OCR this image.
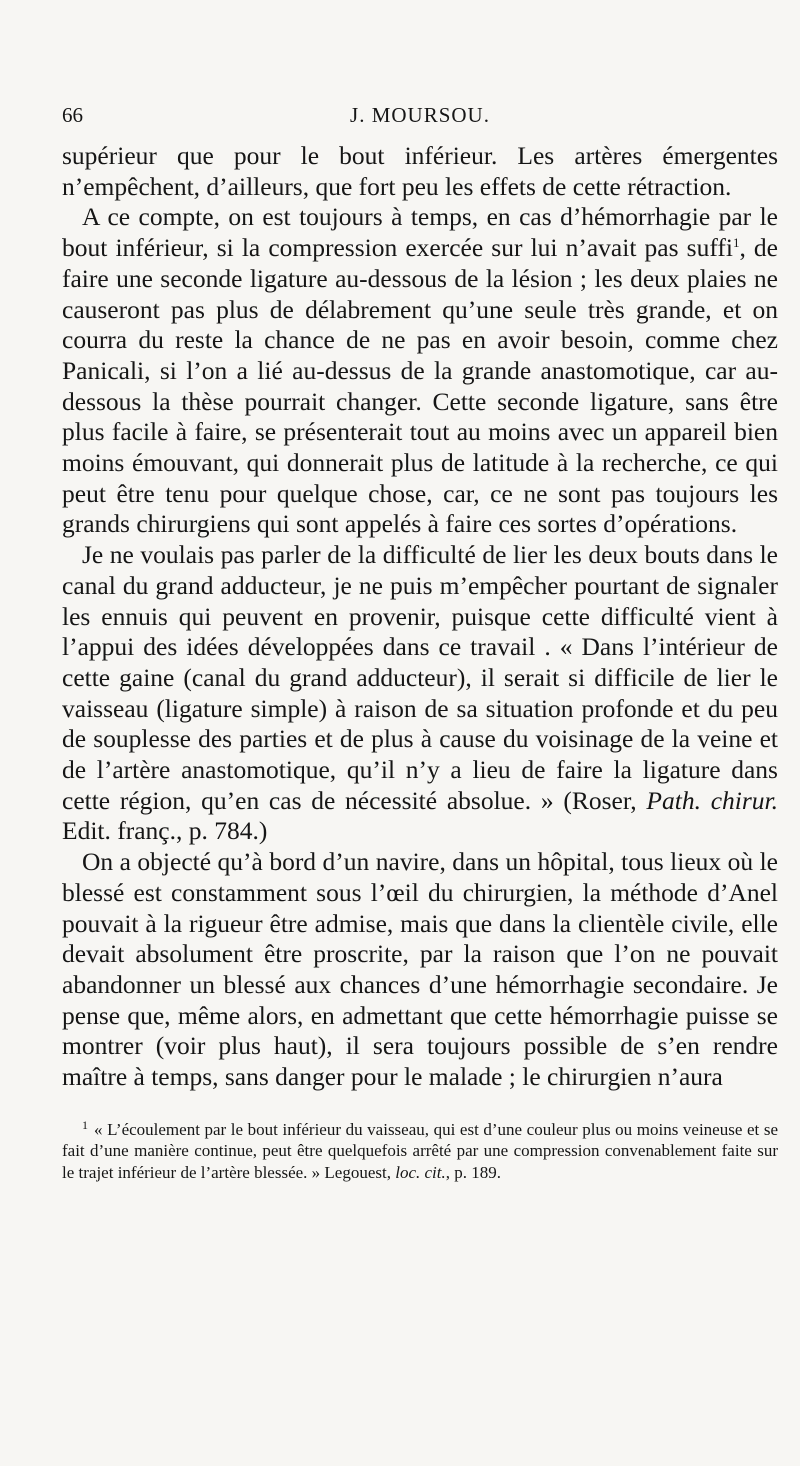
66	J. MOURSOU.

supérieur que pour le bout inférieur. Les artères émergentes n’empêchent, d’ailleurs, que fort peu les effets de cette rétraction.

A ce compte, on est toujours à temps, en cas d’hémorrhagie par le bout inférieur, si la compression exercée sur lui n’avait pas suffi$^1$, de faire une seconde ligature au-dessous de la lésion ; les deux plaies ne causeront pas plus de délabrement qu’une seule très grande, et on courra du reste la chance de ne pas en avoir besoin, comme chez Panicali, si l’on a lié au-dessus de la grande anastomotique, car au-dessous la thèse pourrait changer. Cette seconde ligature, sans être plus facile à faire, se présenterait tout au moins avec un appareil bien moins émouvant, qui donnerait plus de latitude à la recherche, ce qui peut être tenu pour quelque chose, car, ce ne sont pas toujours les grands chirurgiens qui sont appelés à faire ces sortes d’opérations.

Je ne voulais pas parler de la difficulté de lier les deux bouts dans le canal du grand adducteur, je ne puis m’empêcher pourtant de signaler les ennuis qui peuvent en provenir, puisque cette difficulté vient à l’appui des idées développées dans ce travail . « Dans l’intérieur de cette gaine (canal du grand adducteur), il serait si difficile de lier le vaisseau (ligature simple) à raison de sa situation profonde et du peu de souplesse des parties et de plus à cause du voisinage de la veine et de l’artère anastomotique, qu’il n’y a lieu de faire la ligature dans cette région, qu’en cas de nécessité absolue. » (Roser, Path. chirur. Edit. franç., p. 784.)

On a objecté qu’à bord d’un navire, dans un hôpital, tous lieux où le blessé est constamment sous l’œil du chirurgien, la méthode d’Anel pouvait à la rigueur être admise, mais que dans la clientèle civile, elle devait absolument être proscrite, par la raison que l’on ne pouvait abandonner un blessé aux chances d’une hémorrhagie secondaire. Je pense que, même alors, en admettant que cette hémorrhagie puisse se montrer (voir plus haut), il sera toujours possible de s’en rendre maître à temps, sans danger pour le malade ; le chirurgien n’aura

$^1$ « L’écoulement par le bout inférieur du vaisseau, qui est d’une couleur plus ou moins veineuse et se fait d’une manière continue, peut être quelquefois arrêté par une compression convenablement faite sur le trajet inférieur de l’artère blessée. » Legouest, loc. cit., p. 189.
